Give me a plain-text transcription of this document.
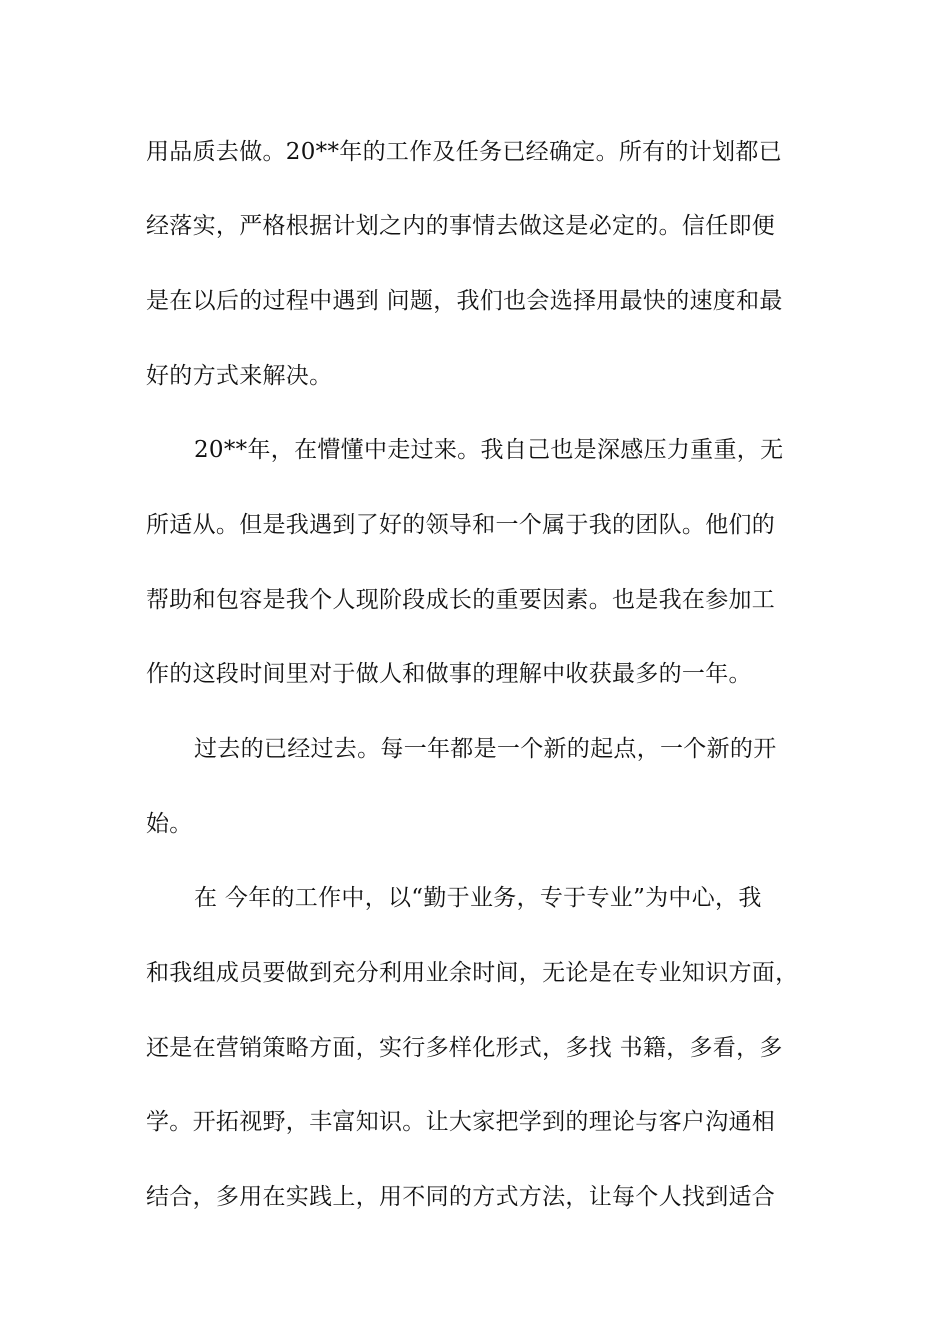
用品质去做。20**年的工作及任务已经确定。所有的计划都已
经落实，严格根据计划之内的事情去做这是必定的。信任即便
是在以后的过程中遇到 问题，我们也会选择用最快的速度和最
好的方式来解决。
20**年，在懵懂中走过来。我自己也是深感压力重重，无
所适从。但是我遇到了好的领导和一个属于我的团队。他们的
帮助和包容是我个人现阶段成长的重要因素。也是我在参加工
作的这段时间里对于做人和做事的理解中收获最多的一年。
过去的已经过去。每一年都是一个新的起点，一个新的开
始。
在 今年的工作中，以“勤于业务，专于专业”为中心，我
和我组成员要做到充分利用业余时间，无论是在专业知识方面，
还是在营销策略方面，实行多样化形式，多找 书籍，多看，多
学。开拓视野，丰富知识。让大家把学到的理论与客户沟通相
结合，多用在实践上，用不同的方式方法，让每个人找到适合
